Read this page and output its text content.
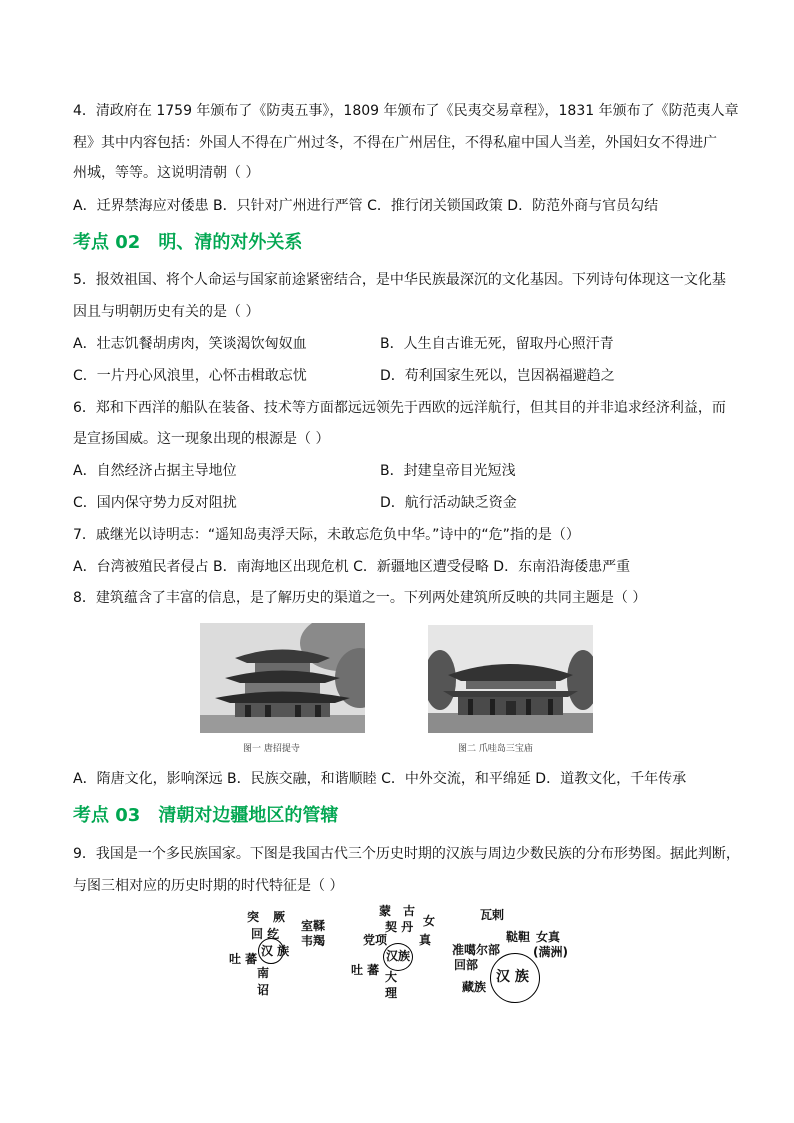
4．清政府在 1759 年颁布了《防夷五事》，1809 年颁布了《民夷交易章程》，1831 年颁布了《防范夷人章
程》其中内容包括：外国人不得在广州过冬，不得在广州居住，不得私雇中国人当差，外国妇女不得进广
州城，等等。这说明清朝（ ）
A．迁界禁海应对倭患 B．只针对广州进行严管 C．推行闭关锁国政策 D．防范外商与官员勾结
考点 02 明、清的对外关系
5．报效祖国、将个人命运与国家前途紧密结合，是中华民族最深沉的文化基因。下列诗句体现这一文化基
因且与明朝历史有关的是（ ）
A．壮志饥餐胡虏肉，笑谈渴饮匈奴血	B．人生自古谁无死，留取丹心照汗青
C．一片丹心风浪里，心怀击楫敢忘忧	D．苟利国家生死以，岂因祸福避趋之
6．郑和下西洋的船队在装备、技术等方面都远远领先于西欧的远洋航行，但其目的并非追求经济利益，而
是宣扬国威。这一现象出现的根源是（ ）
A．自然经济占据主导地位	B．封建皇帝目光短浅
C．国内保守势力反对阻扰	D．航行活动缺乏资金
7．戚继光以诗明志：“遥知岛夷浮天际，未敢忘危负中华。”诗中的“危”指的是（）
A．台湾被殖民者侵占 B．南海地区出现危机 C．新疆地区遭受侵略 D．东南沿海倭患严重
8．建筑蕴含了丰富的信息，是了解历史的渠道之一。下列两处建筑所反映的共同主题是（ ）
图一 唐招提寺	图二 爪哇岛三宝庙
A．隋唐文化，影响深远 B．民族交融，和谐顺睦 C．中外交流，和平绵延 D．道教文化，千年传承
考点 03 清朝对边疆地区的管辖
9．我国是一个多民族国家。下图是我国古代三个历史时期的汉族与周边少数民族的分布形势图。据此判断，
与图三相对应的历史时期的时代特征是（ ）
突 厥
回 纥
室鞣
韦羯
汉 族
吐 蕃
南
诏
蒙 古
女
契 丹
党项	真
汉族
吐 蕃 大
理
瓦剌
鞑靼 女真
(满洲)
准噶尔部
回部
汉 族
藏族
